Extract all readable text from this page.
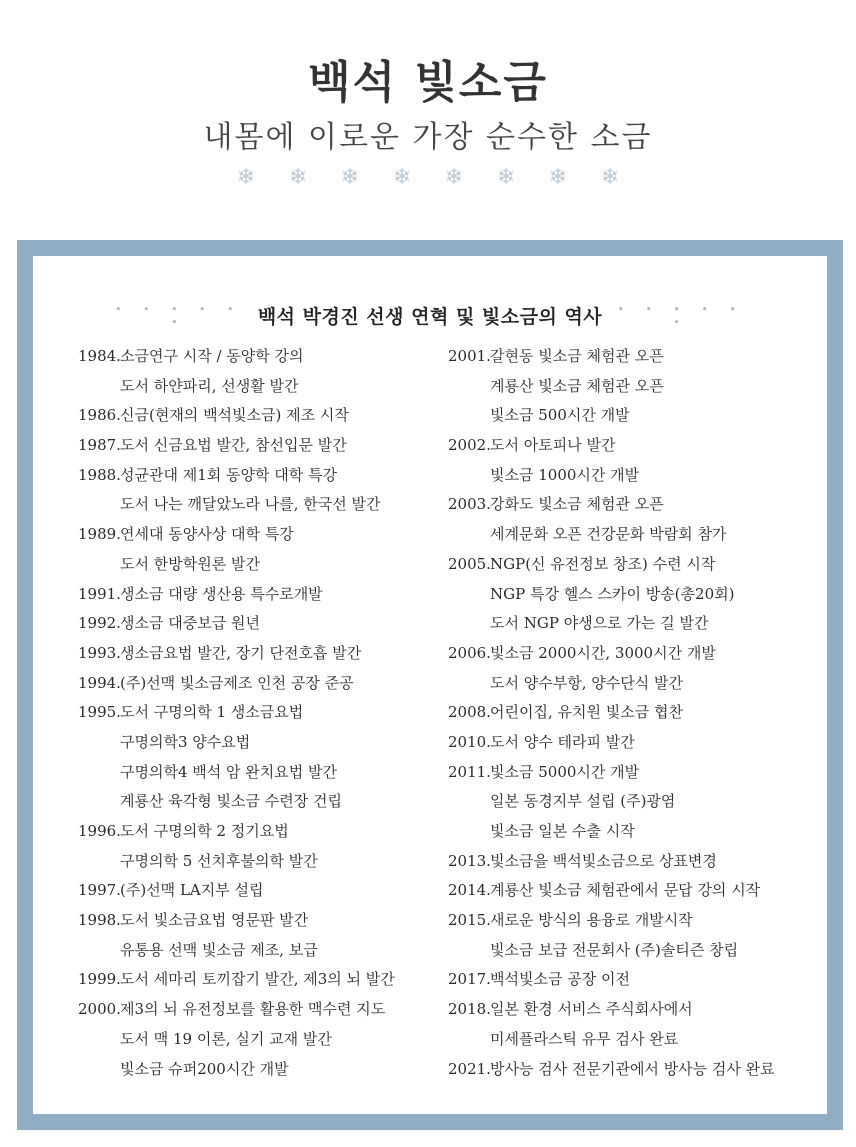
백석 빛소금
내몸에 이로운 가장 순수한 소금
❄ ❄ ❄ ❄ ❄ ❄ ❄ ❄
• • • • • •	백석 박경진 선생 연혁 및 빛소금의 역사 • • • • • •
1984.소금연구 시작 / 동양학 강의
도서 하얀파리, 선생활 발간
1986.신금(현재의 백석빛소금) 제조 시작
1987.도서 신금요법 발간, 참선입문 발간
1988.성균관대 제1회 동양학 대학 특강
도서 나는 깨달았노라 나를, 한국선 발간
1989.연세대 동양사상 대학 특강
도서 한방학원론 발간
1991.생소금 대량 생산용 특수로개발
1992.생소금 대중보급 원년
1993.생소금요법 발간, 장기 단전호흡 발간
1994.(주)선맥 빛소금제조 인천 공장 준공
1995.도서 구명의학 1 생소금요법
구명의학3 양수요법
구명의학4 백석 암 완치요법 발간
계룡산 육각형 빛소금 수련장 건립
1996.도서 구명의학 2 정기요법
구명의학 5 선치후불의학 발간
1997.(주)선맥 LA지부 설립
1998.도서 빛소금요법 영문판 발간
유통용 선맥 빛소금 제조, 보급
1999.도서 세마리 토끼잡기 발간, 제3의 뇌 발간
2000.제3의 뇌 유전정보를 활용한 맥수련 지도
도서 맥 19 이론, 실기 교재 발간
빛소금 슈퍼200시간 개발
2001.갈현동 빛소금 체험관 오픈
계룡산 빛소금 체험관 오픈
빛소금 500시간 개발
2002.도서 아토피나 발간
빛소금 1000시간 개발
2003.강화도 빛소금 체험관 오픈
세계문화 오픈 건강문화 박람회 참가
2005.NGP(신 유전정보 창조) 수련 시작
NGP 특강 헬스 스카이 방송(총20회)
도서 NGP 야생으로 가는 길 발간
2006.빛소금 2000시간, 3000시간 개발
도서 양수부항, 양수단식 발간
2008.어린이집, 유치원 빛소금 협찬
2010.도서 양수 테라피 발간
2011.빛소금 5000시간 개발
일본 동경지부 설립 (주)광염
빛소금 일본 수출 시작
2013.빛소금을 백석빛소금으로 상표변경
2014.계룡산 빛소금 체험관에서 문답 강의 시작
2015.새로운 방식의 용융로 개발시작
빛소금 보급 전문회사 (주)솔티즌 창립
2017.백석빛소금 공장 이전
2018.일본 환경 서비스 주식회사에서
미세플라스틱 유무 검사 완료
2021.방사능 검사 전문기관에서 방사능 검사 완료
